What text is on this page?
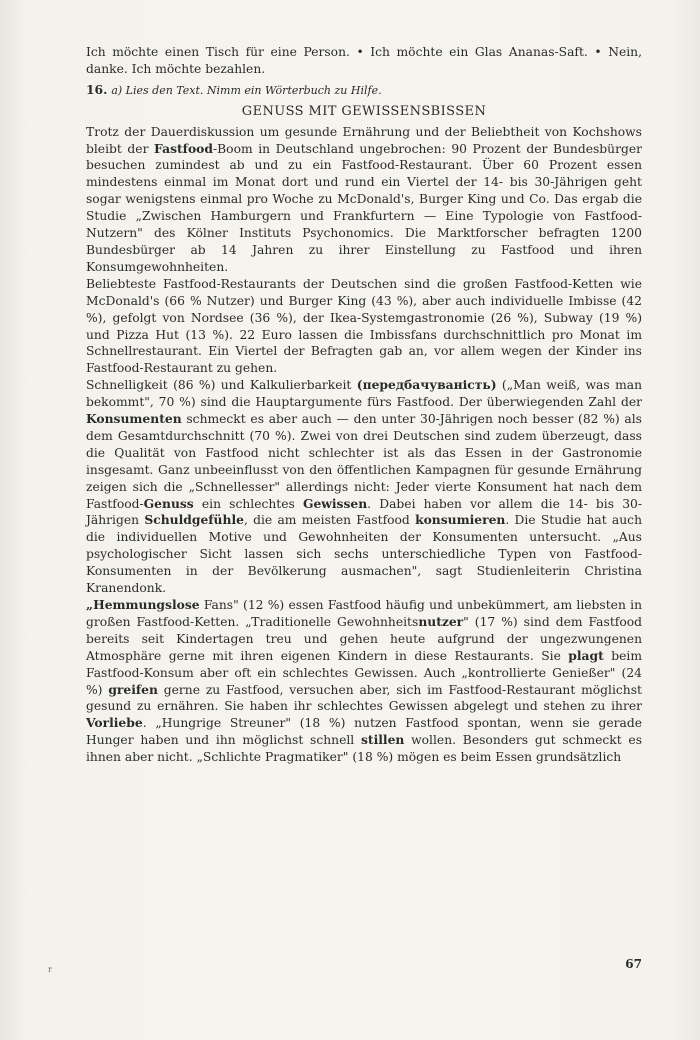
Ich möchte einen Tisch für eine Person. • Ich möchte ein Glas Ananas-Saft. • Nein, danke. Ich möchte bezahlen.

16. a) Lies den Text. Nimm ein Wörterbuch zu Hilfe.

GENUSS MIT GEWISSENSBISSEN

Trotz der Dauerdiskussion um gesunde Ernährung und der Beliebtheit von Kochshows bleibt der Fastfood-Boom in Deutschland ungebrochen: 90 Prozent der Bundesbürger besuchen zumindest ab und zu ein Fastfood-Restaurant. Über 60 Prozent essen mindestens einmal im Monat dort und rund ein Viertel der 14- bis 30-Jährigen geht sogar wenigstens einmal pro Woche zu McDonald's, Burger King und Co. Das ergab die Studie „Zwischen Hamburgern und Frankfurtern — Eine Typologie von Fastfood-Nutzern" des Kölner Instituts Psychonomics. Die Marktforscher befragten 1200 Bundesbürger ab 14 Jahren zu ihrer Einstellung zu Fastfood und ihren Konsumgewohnheiten.

Beliebteste Fastfood-Restaurants der Deutschen sind die großen Fastfood-Ketten wie McDonald's (66 % Nutzer) und Burger King (43 %), aber auch individuelle Imbisse (42 %), gefolgt von Nordsee (36 %), der Ikea-Systemgastronomie (26 %), Subway (19 %) und Pizza Hut (13 %). 22 Euro lassen die Imbissfans durchschnittlich pro Monat im Schnellrestaurant. Ein Viertel der Befragten gab an, vor allem wegen der Kinder ins Fastfood-Restaurant zu gehen.

Schnelligkeit (86 %) und Kalkulierbarkeit (передбачуваність) („Man weiß, was man bekommt", 70 %) sind die Hauptargumente fürs Fastfood. Der überwiegenden Zahl der Konsumenten schmeckt es aber auch — den unter 30-Jährigen noch besser (82 %) als dem Gesamtdurchschnitt (70 %). Zwei von drei Deutschen sind zudem überzeugt, dass die Qualität von Fastfood nicht schlechter ist als das Essen in der Gastronomie insgesamt. Ganz unbeeinflusst von den öffentlichen Kampagnen für gesunde Ernährung zeigen sich die „Schnellesser" allerdings nicht: Jeder vierte Konsument hat nach dem Fastfood-Genuss ein schlechtes Gewissen. Dabei haben vor allem die 14- bis 30-Jährigen Schuldgefühle, die am meisten Fastfood konsumieren. Die Studie hat auch die individuellen Motive und Gewohnheiten der Konsumenten untersucht. „Aus psychologischer Sicht lassen sich sechs unterschiedliche Typen von Fastfood-Konsumenten in der Bevölkerung ausmachen", sagt Studienleiterin Christina Kranendonk.

„Hemmungslose Fans" (12 %) essen Fastfood häufig und unbekümmert, am liebsten in großen Fastfood-Ketten. „Traditionelle Gewohnheitsnutzer" (17 %) sind dem Fastfood bereits seit Kindertagen treu und gehen heute aufgrund der ungezwungenen Atmosphäre gerne mit ihren eigenen Kindern in diese Restaurants. Sie plagt beim Fastfood-Konsum aber oft ein schlechtes Gewissen. Auch „kontrollierte Genießer" (24 %) greifen gerne zu Fastfood, versuchen aber, sich im Fastfood-Restaurant möglichst gesund zu ernähren. Sie haben ihr schlechtes Gewissen abgelegt und stehen zu ihrer Vorliebe. „Hungrige Streuner" (18 %) nutzen Fastfood spontan, wenn sie gerade Hunger haben und ihn möglichst schnell stillen wollen. Besonders gut schmeckt es ihnen aber nicht. „Schlichte Pragmatiker" (18 %) mögen es beim Essen grundsätzlich

r	67
